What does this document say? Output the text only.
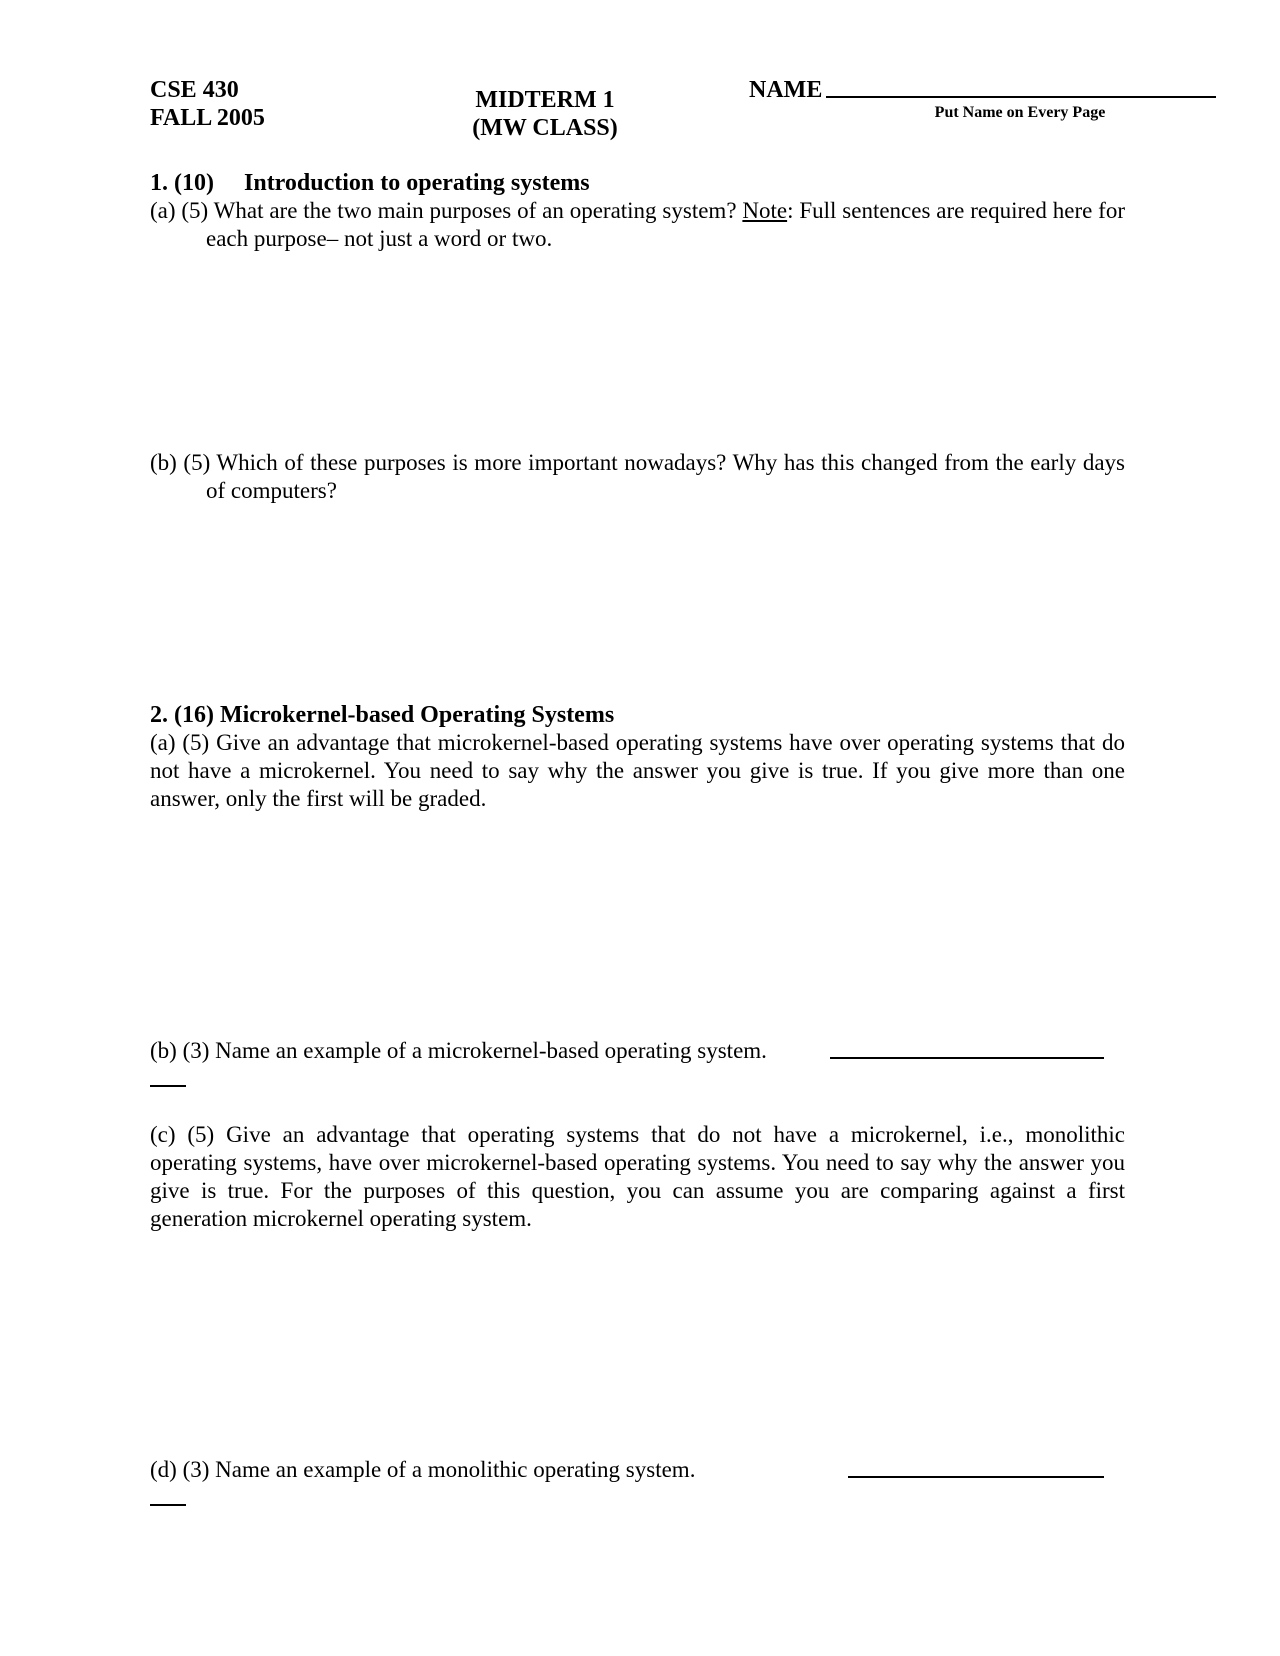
CSE 430
FALL 2005
MIDTERM 1
(MW CLASS)
NAME
Put Name on Every Page
1. (10) Introduction to operating systems
(a) (5) What are the two main purposes of an operating system? Note: Full sentences are required here for each purpose– not just a word or two.
(b) (5) Which of these purposes is more important nowadays? Why has this changed from the early days of computers?
2. (16) Microkernel-based Operating Systems
(a) (5) Give an advantage that microkernel-based operating systems have over operating systems that do not have a microkernel. You need to say why the answer you give is true. If you give more than one answer, only the first will be graded.
(b) (3) Name an example of a microkernel-based operating system.
(c) (5) Give an advantage that operating systems that do not have a microkernel, i.e., monolithic operating systems, have over microkernel-based operating systems. You need to say why the answer you give is true. For the purposes of this question, you can assume you are comparing against a first generation microkernel operating system.
(d) (3) Name an example of a monolithic operating system.
